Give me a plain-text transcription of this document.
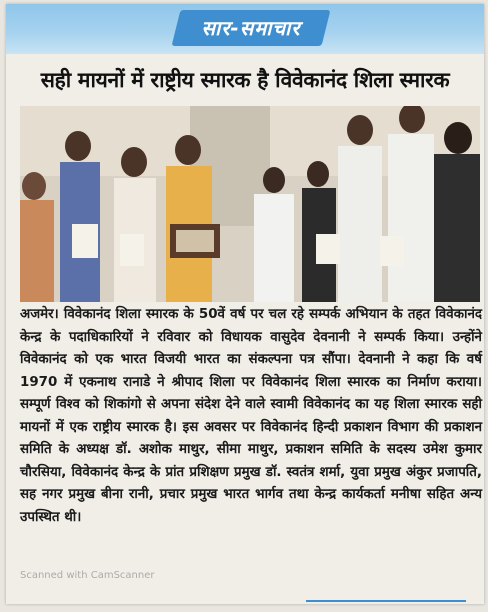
सार-समाचार
सही मायनों में राष्ट्रीय स्मारक है विवेकानंद शिला स्मारक
अजमेर। विवेकानंद शिला स्मारक के 50वें वर्ष पर चल रहे सम्पर्क अभियान के तहत विवेकानंद केन्द्र के पदाधिकारियों ने रविवार को विधायक वासुदेव देवनानी ने सम्पर्क किया। उन्होंने विवेकानंद को एक भारत विजयी भारत का संकल्पना पत्र सौंपा। देवनानी ने कहा कि वर्ष 1970 में एकनाथ रानाडे ने श्रीपाद शिला पर विवेकानंद शिला स्मारक का निर्माण कराया। सम्पूर्ण विश्व को शिकांगो से अपना संदेश देने वाले स्वामी विवेकानंद का यह शिला स्मारक सही मायनों में एक राष्ट्रीय स्मारक है। इस अवसर पर विवेकानंद हिन्दी प्रकाशन विभाग की प्रकाशन समिति के अध्यक्ष डॉ. अशोक माथुर, सीमा माथुर, प्रकाशन समिति के सदस्य उमेश कुमार चौरसिया, विवेकानंद केन्द्र के प्रांत प्रशिक्षण प्रमुख डॉ. स्वतंत्र शर्मा, युवा प्रमुख अंकुर प्रजापति, सह नगर प्रमुख बीना रानी, प्रचार प्रमुख भारत भार्गव तथा केन्द्र कार्यकर्ता मनीषा सहित अन्य उपस्थित थी।
Scanned with CamScanner
